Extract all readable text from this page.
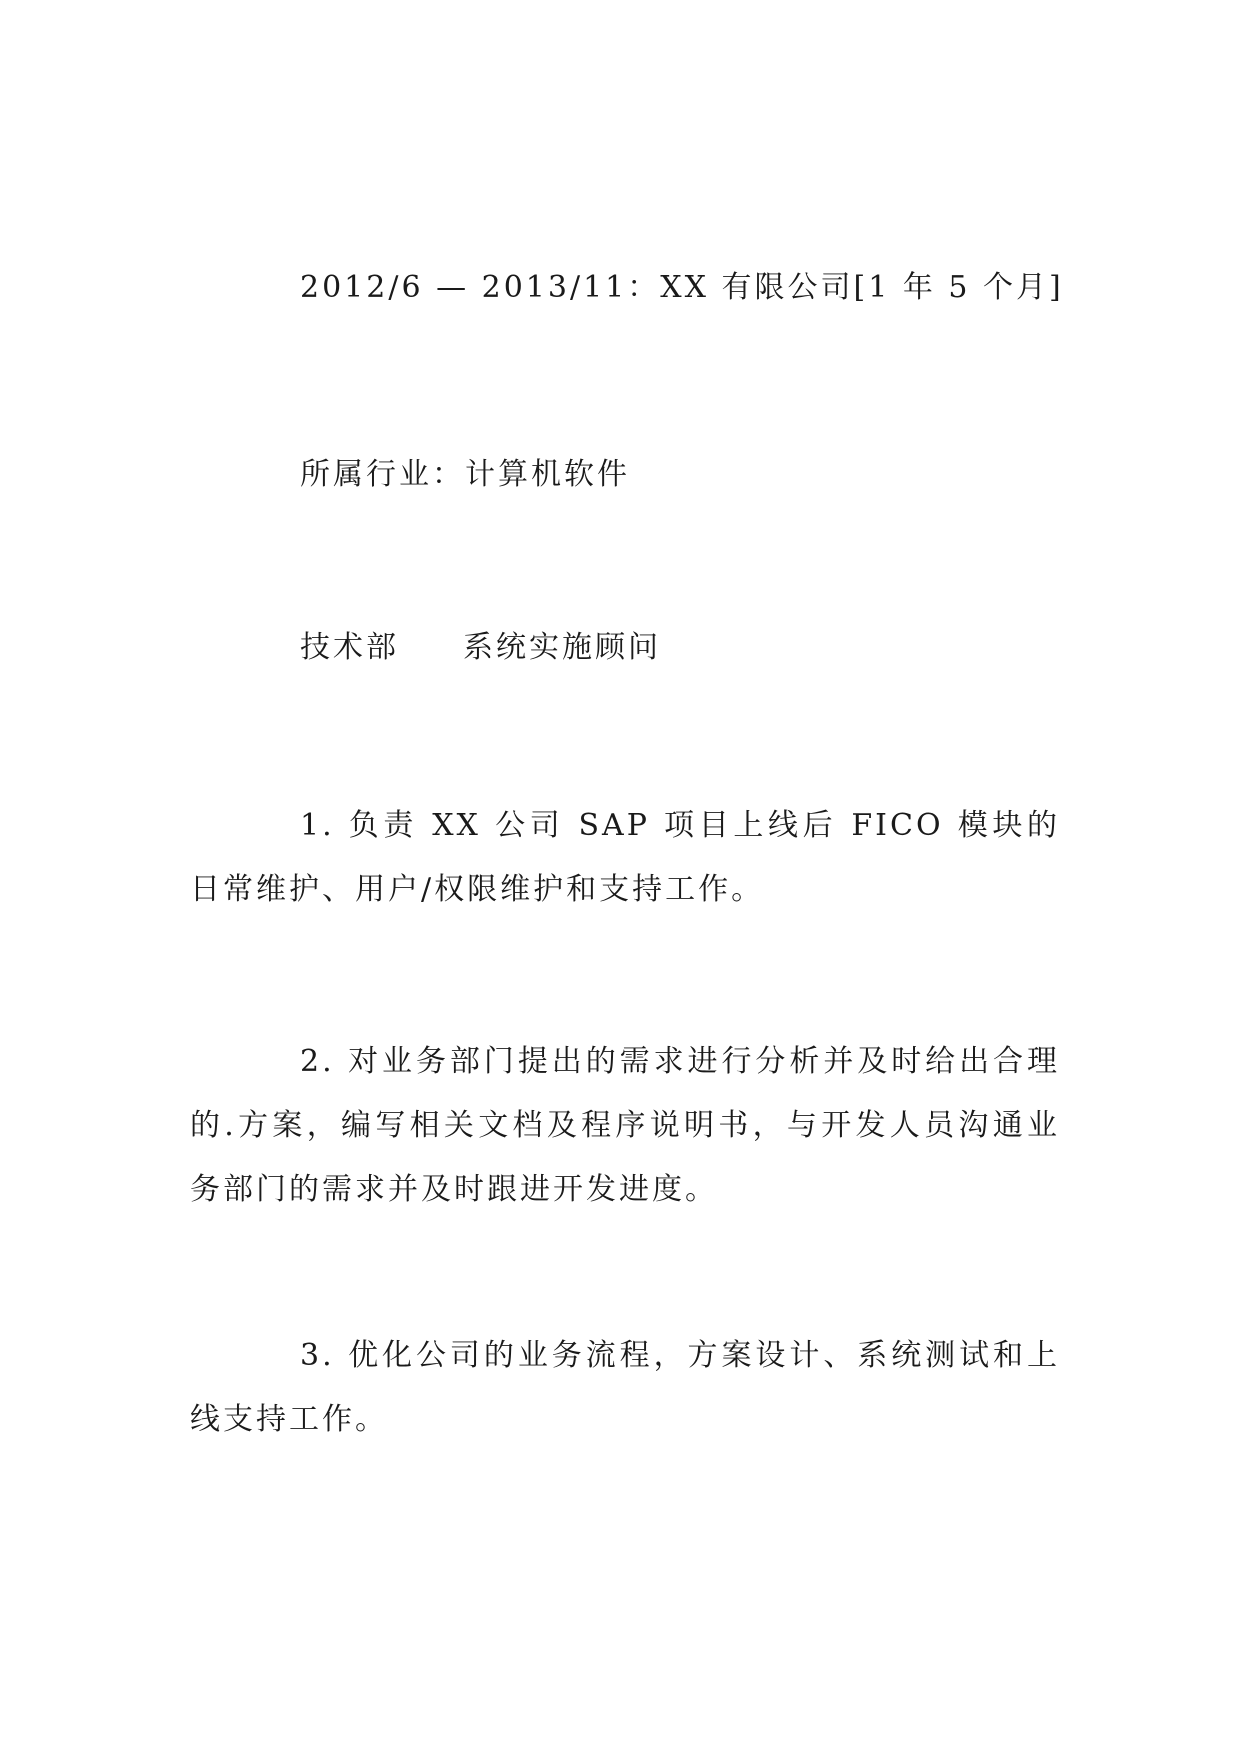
2012/6 — 2013/11：XX 有限公司[1 年 5 个月]

所属行业：计算机软件

技术部 系统实施顾问

1. 负责 XX 公司 SAP 项目上线后 FICO 模块的日常维护、用户/权限维护和支持工作。

2. 对业务部门提出的需求进行分析并及时给出合理的.方案，编写相关文档及程序说明书，与开发人员沟通业务部门的需求并及时跟进开发进度。

3. 优化公司的业务流程，方案设计、系统测试和上线支持工作。
